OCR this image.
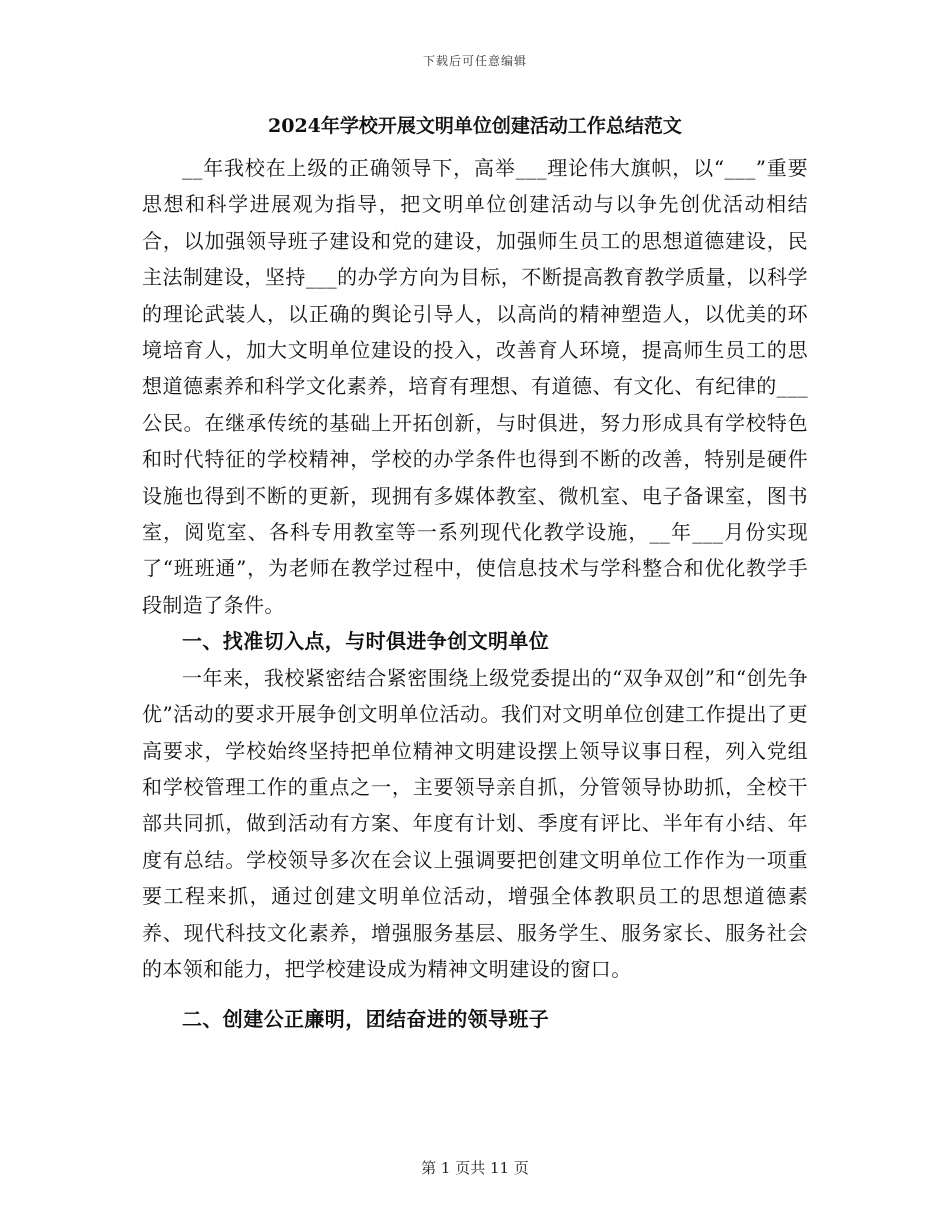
下载后可任意编辑
2024年学校开展文明单位创建活动工作总结范文

__年我校在上级的正确领导下，高举___理论伟大旗帜，以“___”重要思想和科学进展观为指导，把文明单位创建活动与以争先创优活动相结合，以加强领导班子建设和党的建设，加强师生员工的思想道德建设，民主法制建设，坚持___的办学方向为目标，不断提高教育教学质量，以科学的理论武装人，以正确的舆论引导人，以高尚的精神塑造人，以优美的环境培育人，加大文明单位建设的投入，改善育人环境，提高师生员工的思想道德素养和科学文化素养，培育有理想、有道德、有文化、有纪律的___公民。在继承传统的基础上开拓创新，与时俱进，努力形成具有学校特色和时代特征的学校精神，学校的办学条件也得到不断的改善，特别是硬件设施也得到不断的更新，现拥有多媒体教室、微机室、电子备课室，图书室，阅览室、各科专用教室等一系列现代化教学设施，__年___月份实现了“班班通”，为老师在教学过程中，使信息技术与学科整合和优化教学手段制造了条件。

一、找准切入点，与时俱进争创文明单位

一年来，我校紧密结合紧密围绕上级党委提出的“双争双创”和“创先争优”活动的要求开展争创文明单位活动。我们对文明单位创建工作提出了更高要求，学校始终坚持把单位精神文明建设摆上领导议事日程，列入党组和学校管理工作的重点之一，主要领导亲自抓，分管领导协助抓，全校干部共同抓，做到活动有方案、年度有计划、季度有评比、半年有小结、年度有总结。学校领导多次在会议上强调要把创建文明单位工作作为一项重要工程来抓，通过创建文明单位活动，增强全体教职员工的思想道德素养、现代科技文化素养，增强服务基层、服务学生、服务家长、服务社会的本领和能力，把学校建设成为精神文明建设的窗口。

二、创建公正廉明，团结奋进的领导班子

第 1 页共 11 页
